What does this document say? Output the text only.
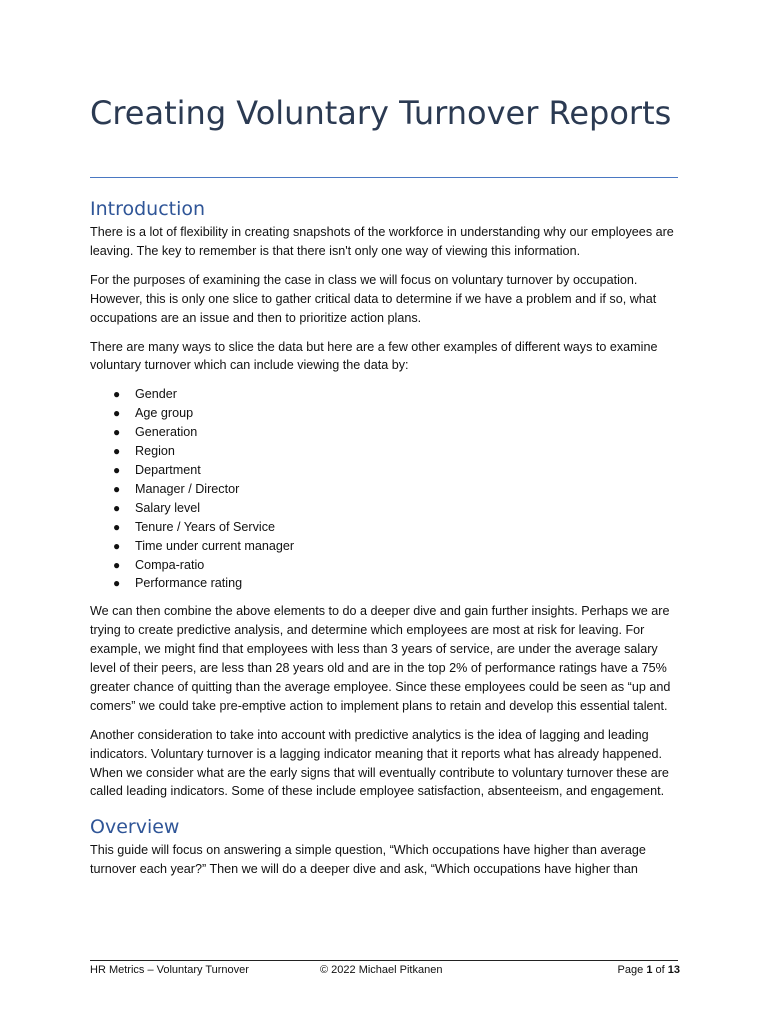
Creating Voluntary Turnover Reports
Introduction

There is a lot of flexibility in creating snapshots of the workforce in understanding why our employees are leaving. The key to remember is that there isn't only one way of viewing this information.

For the purposes of examining the case in class we will focus on voluntary turnover by occupation. However, this is only one slice to gather critical data to determine if we have a problem and if so, what occupations are an issue and then to prioritize action plans.

There are many ways to slice the data but here are a few other examples of different ways to examine voluntary turnover which can include viewing the data by:

● Gender
● Age group
● Generation
● Region
● Department
● Manager / Director
● Salary level
● Tenure / Years of Service
● Time under current manager
● Compa-ratio
● Performance rating

We can then combine the above elements to do a deeper dive and gain further insights. Perhaps we are trying to create predictive analysis, and determine which employees are most at risk for leaving. For example, we might find that employees with less than 3 years of service, are under the average salary level of their peers, are less than 28 years old and are in the top 2% of performance ratings have a 75% greater chance of quitting than the average employee. Since these employees could be seen as “up and comers” we could take pre-emptive action to implement plans to retain and develop this essential talent.

Another consideration to take into account with predictive analytics is the idea of lagging and leading indicators. Voluntary turnover is a lagging indicator meaning that it reports what has already happened. When we consider what are the early signs that will eventually contribute to voluntary turnover these are called leading indicators. Some of these include employee satisfaction, absenteeism, and engagement.

Overview

This guide will focus on answering a simple question, “Which occupations have higher than average turnover each year?” Then we will do a deeper dive and ask, “Which occupations have higher than

HR Metrics – Voluntary Turnover	© 2022 Michael Pitkanen	Page 1 of 13
